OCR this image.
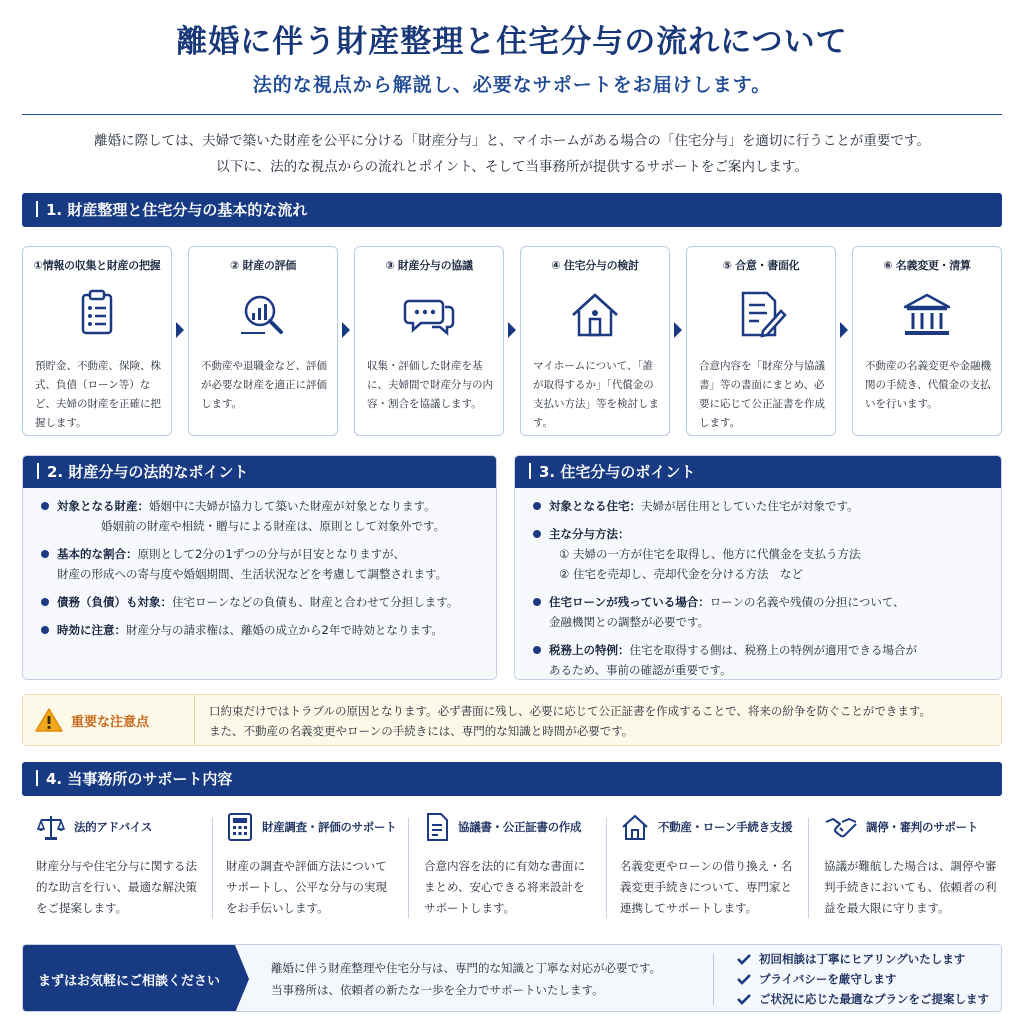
離婚に伴う財産整理と住宅分与の流れについて
法的な視点から解説し、必要なサポートをお届けします。
離婚に際しては、夫婦で築いた財産を公平に分ける「財産分与」と、マイホームがある場合の「住宅分与」を適切に行うことが重要です。
以下に、法的な視点からの流れとポイント、そして当事務所が提供するサポートをご案内します。
1. 財産整理と住宅分与の基本的な流れ
①情報の収集と財産の把握
預貯金、不動産、保険、株式、負債（ローン等）など、夫婦の財産を正確に把握します。
② 財産の評価
不動産や退職金など、評価が必要な財産を適正に評価します。
③ 財産分与の協議
収集・評価した財産を基に、夫婦間で財産分与の内容・割合を協議します。
④ 住宅分与の検討
マイホームについて、「誰が取得するか」「代償金の支払い方法」等を検討します。
⑤ 合意・書面化
合意内容を「財産分与協議書」等の書面にまとめ、必要に応じて公正証書を作成します。
⑥ 名義変更・清算
不動産の名義変更や金融機関の手続き、代償金の支払いを行います。
2. 財産分与の法的なポイント
対象となる財産：婚姻中に夫婦が協力して築いた財産が対象となります。
婚姻前の財産や相続・贈与による財産は、原則として対象外です。
基本的な割合：原則として2分の1ずつの分与が目安となりますが、
財産の形成への寄与度や婚姻期間、生活状況などを考慮して調整されます。
債務（負債）も対象：住宅ローンなどの負債も、財産と合わせて分担します。
時効に注意：財産分与の請求権は、離婚の成立から2年で時効となります。
3. 住宅分与のポイント
対象となる住宅：夫婦が居住用としていた住宅が対象です。
主な分与方法：
① 夫婦の一方が住宅を取得し、他方に代償金を支払う方法
② 住宅を売却し、売却代金を分ける方法　など
住宅ローンが残っている場合：ローンの名義や残債の分担について、
金融機関との調整が必要です。
税務上の特例：住宅を取得する側は、税務上の特例が適用できる場合が
あるため、事前の確認が重要です。
重要な注意点
口約束だけではトラブルの原因となります。必ず書面に残し、必要に応じて公正証書を作成することで、将来の紛争を防ぐことができます。
また、不動産の名義変更やローンの手続きには、専門的な知識と時間が必要です。
4. 当事務所のサポート内容
法的アドバイス
財産分与や住宅分与に関する法的な助言を行い、最適な解決策をご提案します。
財産調査・評価のサポート
財産の調査や評価方法についてサポートし、公平な分与の実現をお手伝いします。
協議書・公正証書の作成
合意内容を法的に有効な書面にまとめ、安心できる将来設計をサポートします。
不動産・ローン手続き支援
名義変更やローンの借り換え・名義変更手続きについて、専門家と連携してサポートします。
調停・審判のサポート
協議が難航した場合は、調停や審判手続きにおいても、依頼者の利益を最大限に守ります。
まずはお気軽にご相談ください
離婚に伴う財産整理や住宅分与は、専門的な知識と丁寧な対応が必要です。
当事務所は、依頼者の新たな一歩を全力でサポートいたします。
初回相談は丁寧にヒアリングいたします
プライバシーを厳守します
ご状況に応じた最適なプランをご提案します
